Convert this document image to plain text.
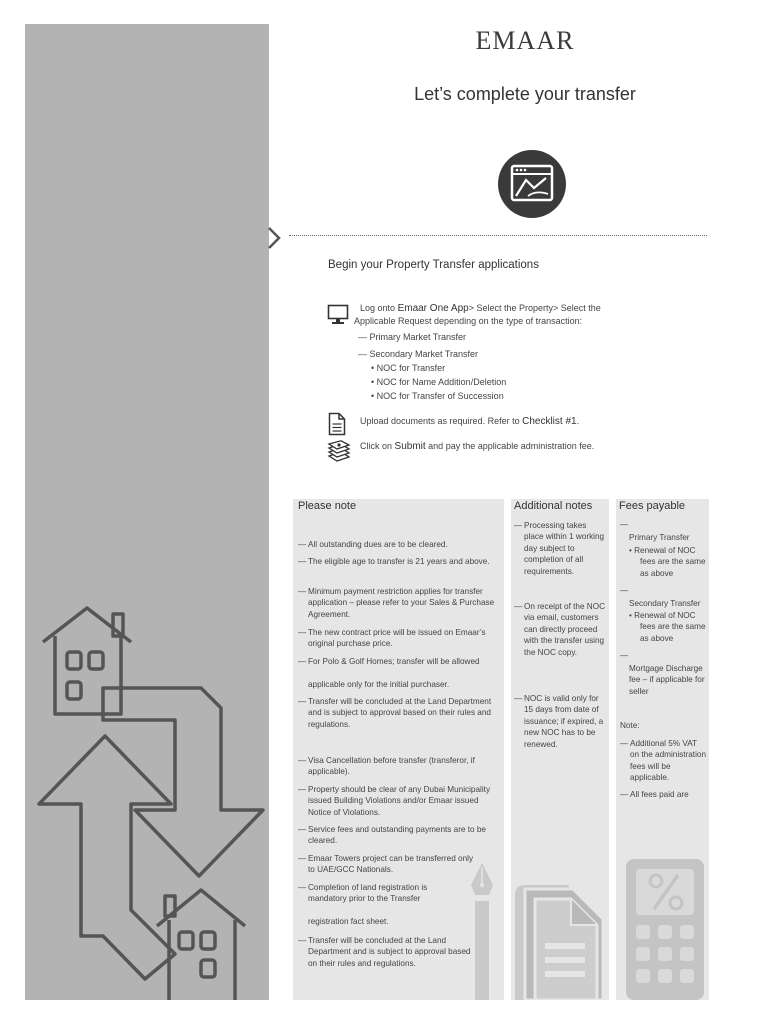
EMAAR
Let’s complete your transfer
Begin your Property Transfer applications
Log onto Emaar One App> Select the Property> Select the
Applicable Request depending on the type of transaction:
— Primary Market Transfer
— Secondary Market Transfer
• NOC for Transfer
• NOC for Name Addition/Deletion
• NOC for Transfer of Succession
Upload documents as required. Refer to Checklist #1.
Click on Submit and pay the applicable administration fee.
Please note
— All outstanding dues are to be cleared.
— The eligible age to transfer is 21 years and above.
— Minimum payment restriction applies for transfer application – please refer to your Sales & Purchase Agreement.
— The new contract price will be issued on Emaar’s original purchase price.
— For Polo & Golf Homes; transfer will be allowed
applicable only for the initial purchaser.
— Transfer will be concluded at the Land Department and is subject to approval based on their rules and regulations.
— Visa Cancellation before transfer (transferor, if applicable).
— Property should be clear of any Dubai Municipality issued Building Violations and/or Emaar issued Notice of Violations.
— Service fees and outstanding payments are to be cleared.
— Emaar Towers project can be transferred only to UAE/GCC Nationals.
— Completion of land registration is mandatory prior to the Transfer
registration fact sheet.
— Transfer will be concluded at the Land Department and is subject to approval based on their rules and regulations.
Additional notes
— Processing takes place within 1 working day subject to completion of all requirements.
— On receipt of the NOC via email, customers can directly proceed with the transfer using the NOC copy.
— NOC is valid only for 15 days from date of issuance; if expired, a new NOC has to be renewed.
Fees payable
—
Primary Transfer
• Renewal of NOC fees are the same as above
—
Secondary Transfer
• Renewal of NOC fees are the same as above
—
Mortgage Discharge fee – if applicable for seller
Note:
— Additional 5% VAT on the administration fees will be applicable.
— All fees paid are
